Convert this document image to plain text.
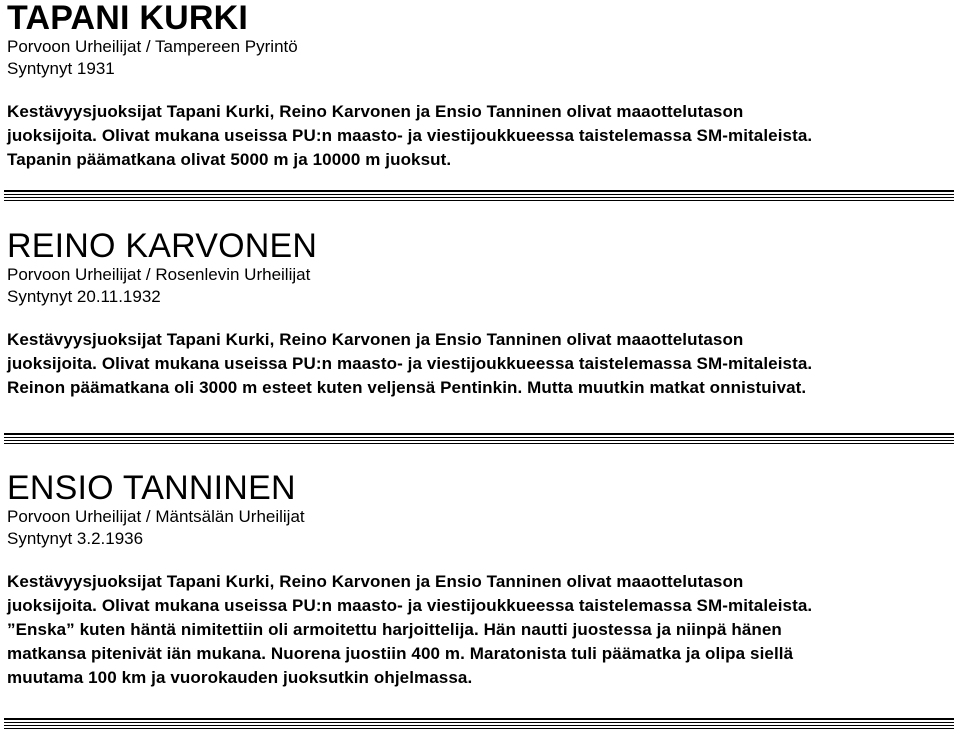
TAPANI KURKI

Porvoon Urheilijat / Tampereen Pyrintö

Syntynyt 1931

Kestävyysjuoksijat Tapani Kurki, Reino Karvonen ja Ensio Tanninen olivat maaottelutason

juoksijoita. Olivat mukana useissa PU:n maasto- ja viestijoukkueessa taistelemassa SM-mitaleista.

Tapanin päämatkana olivat 5000 m ja 10000 m juoksut.

REINO KARVONEN

Porvoon Urheilijat / Rosenlevin Urheilijat

Syntynyt 20.11.1932

Kestävyysjuoksijat Tapani Kurki, Reino Karvonen ja Ensio Tanninen olivat maaottelutason

juoksijoita. Olivat mukana useissa PU:n maasto- ja viestijoukkueessa taistelemassa SM-mitaleista.

Reinon päämatkana oli 3000 m esteet kuten veljensä Pentinkin. Mutta muutkin matkat onnistuivat.

ENSIO TANNINEN

Porvoon Urheilijat / Mäntsälän Urheilijat

Syntynyt 3.2.1936

Kestävyysjuoksijat Tapani Kurki, Reino Karvonen ja Ensio Tanninen olivat maaottelutason

juoksijoita. Olivat mukana useissa PU:n maasto- ja viestijoukkueessa taistelemassa SM-mitaleista.

”Enska” kuten häntä nimitettiin oli armoitettu harjoittelija. Hän nautti juostessa ja niinpä hänen

matkansa pitenivät iän mukana. Nuorena juostiin 400 m. Maratonista tuli päämatka ja olipa siellä

muutama 100 km ja vuorokauden juoksutkin ohjelmassa.
